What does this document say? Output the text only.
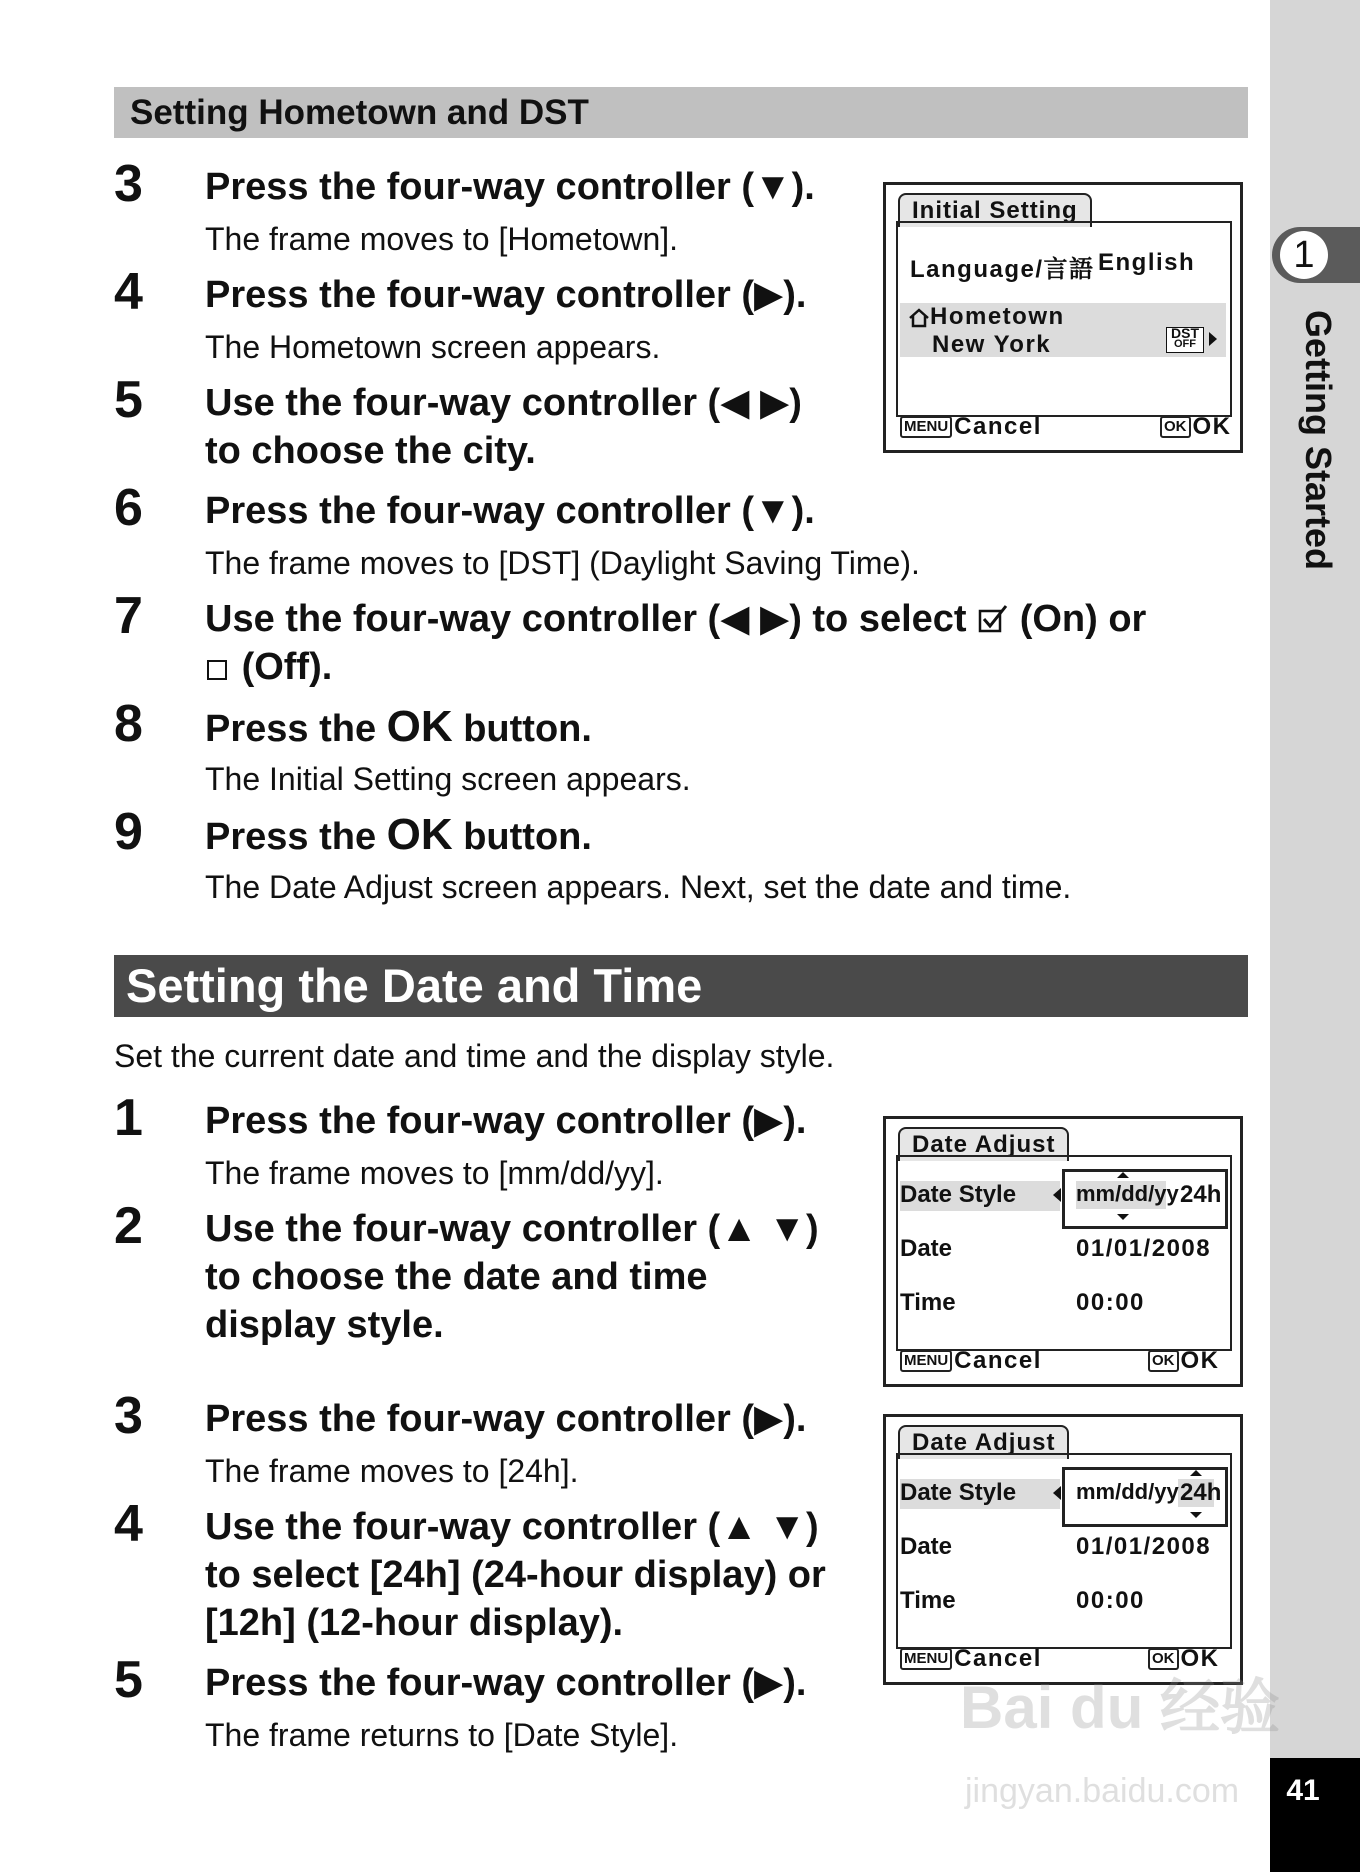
1
Getting Started
41
Setting Hometown and DST
3 Press the four-way controller (▼).
The frame moves to [Hometown].
4 Press the four-way controller (▶).
The Hometown screen appears.
5 Use the four-way controller (◀ ▶)
to choose the city.
6 Press the four-way controller (▼).
The frame moves to [DST] (Daylight Saving Time).
7 Use the four-way controller (◀ ▶) to select (On) or
(Off).
8 Press the OK button.
The Initial Setting screen appears.
9 Press the OK button.
The Date Adjust screen appears. Next, set the date and time.
Initial Setting
Language/言語 English
Hometown
New York	DST
OFF
MENU Cancel	OK OK
Setting the Date and Time
Set the current date and time and the display style.
1 Press the four-way controller (▶).
The frame moves to [mm/dd/yy].
2 Use the four-way controller (▲ ▼)
to choose the date and time
display style.
3 Press the four-way controller (▶).
The frame moves to [24h].
4 Use the four-way controller (▲ ▼)
to select [24h] (24-hour display) or
[12h] (12-hour display).
5 Press the four-way controller (▶).
The frame returns to [Date Style].
Date Adjust
Date Style	mm/dd/yy 24h
Date	01/01/2008
Time	00:00
MENU Cancel	OK OK
Date Adjust
Date Style	mm/dd/yy 24h
Date	01/01/2008
Time	00:00
MENU Cancel	OK OK
Bai du 经验
jingyan.baidu.com
